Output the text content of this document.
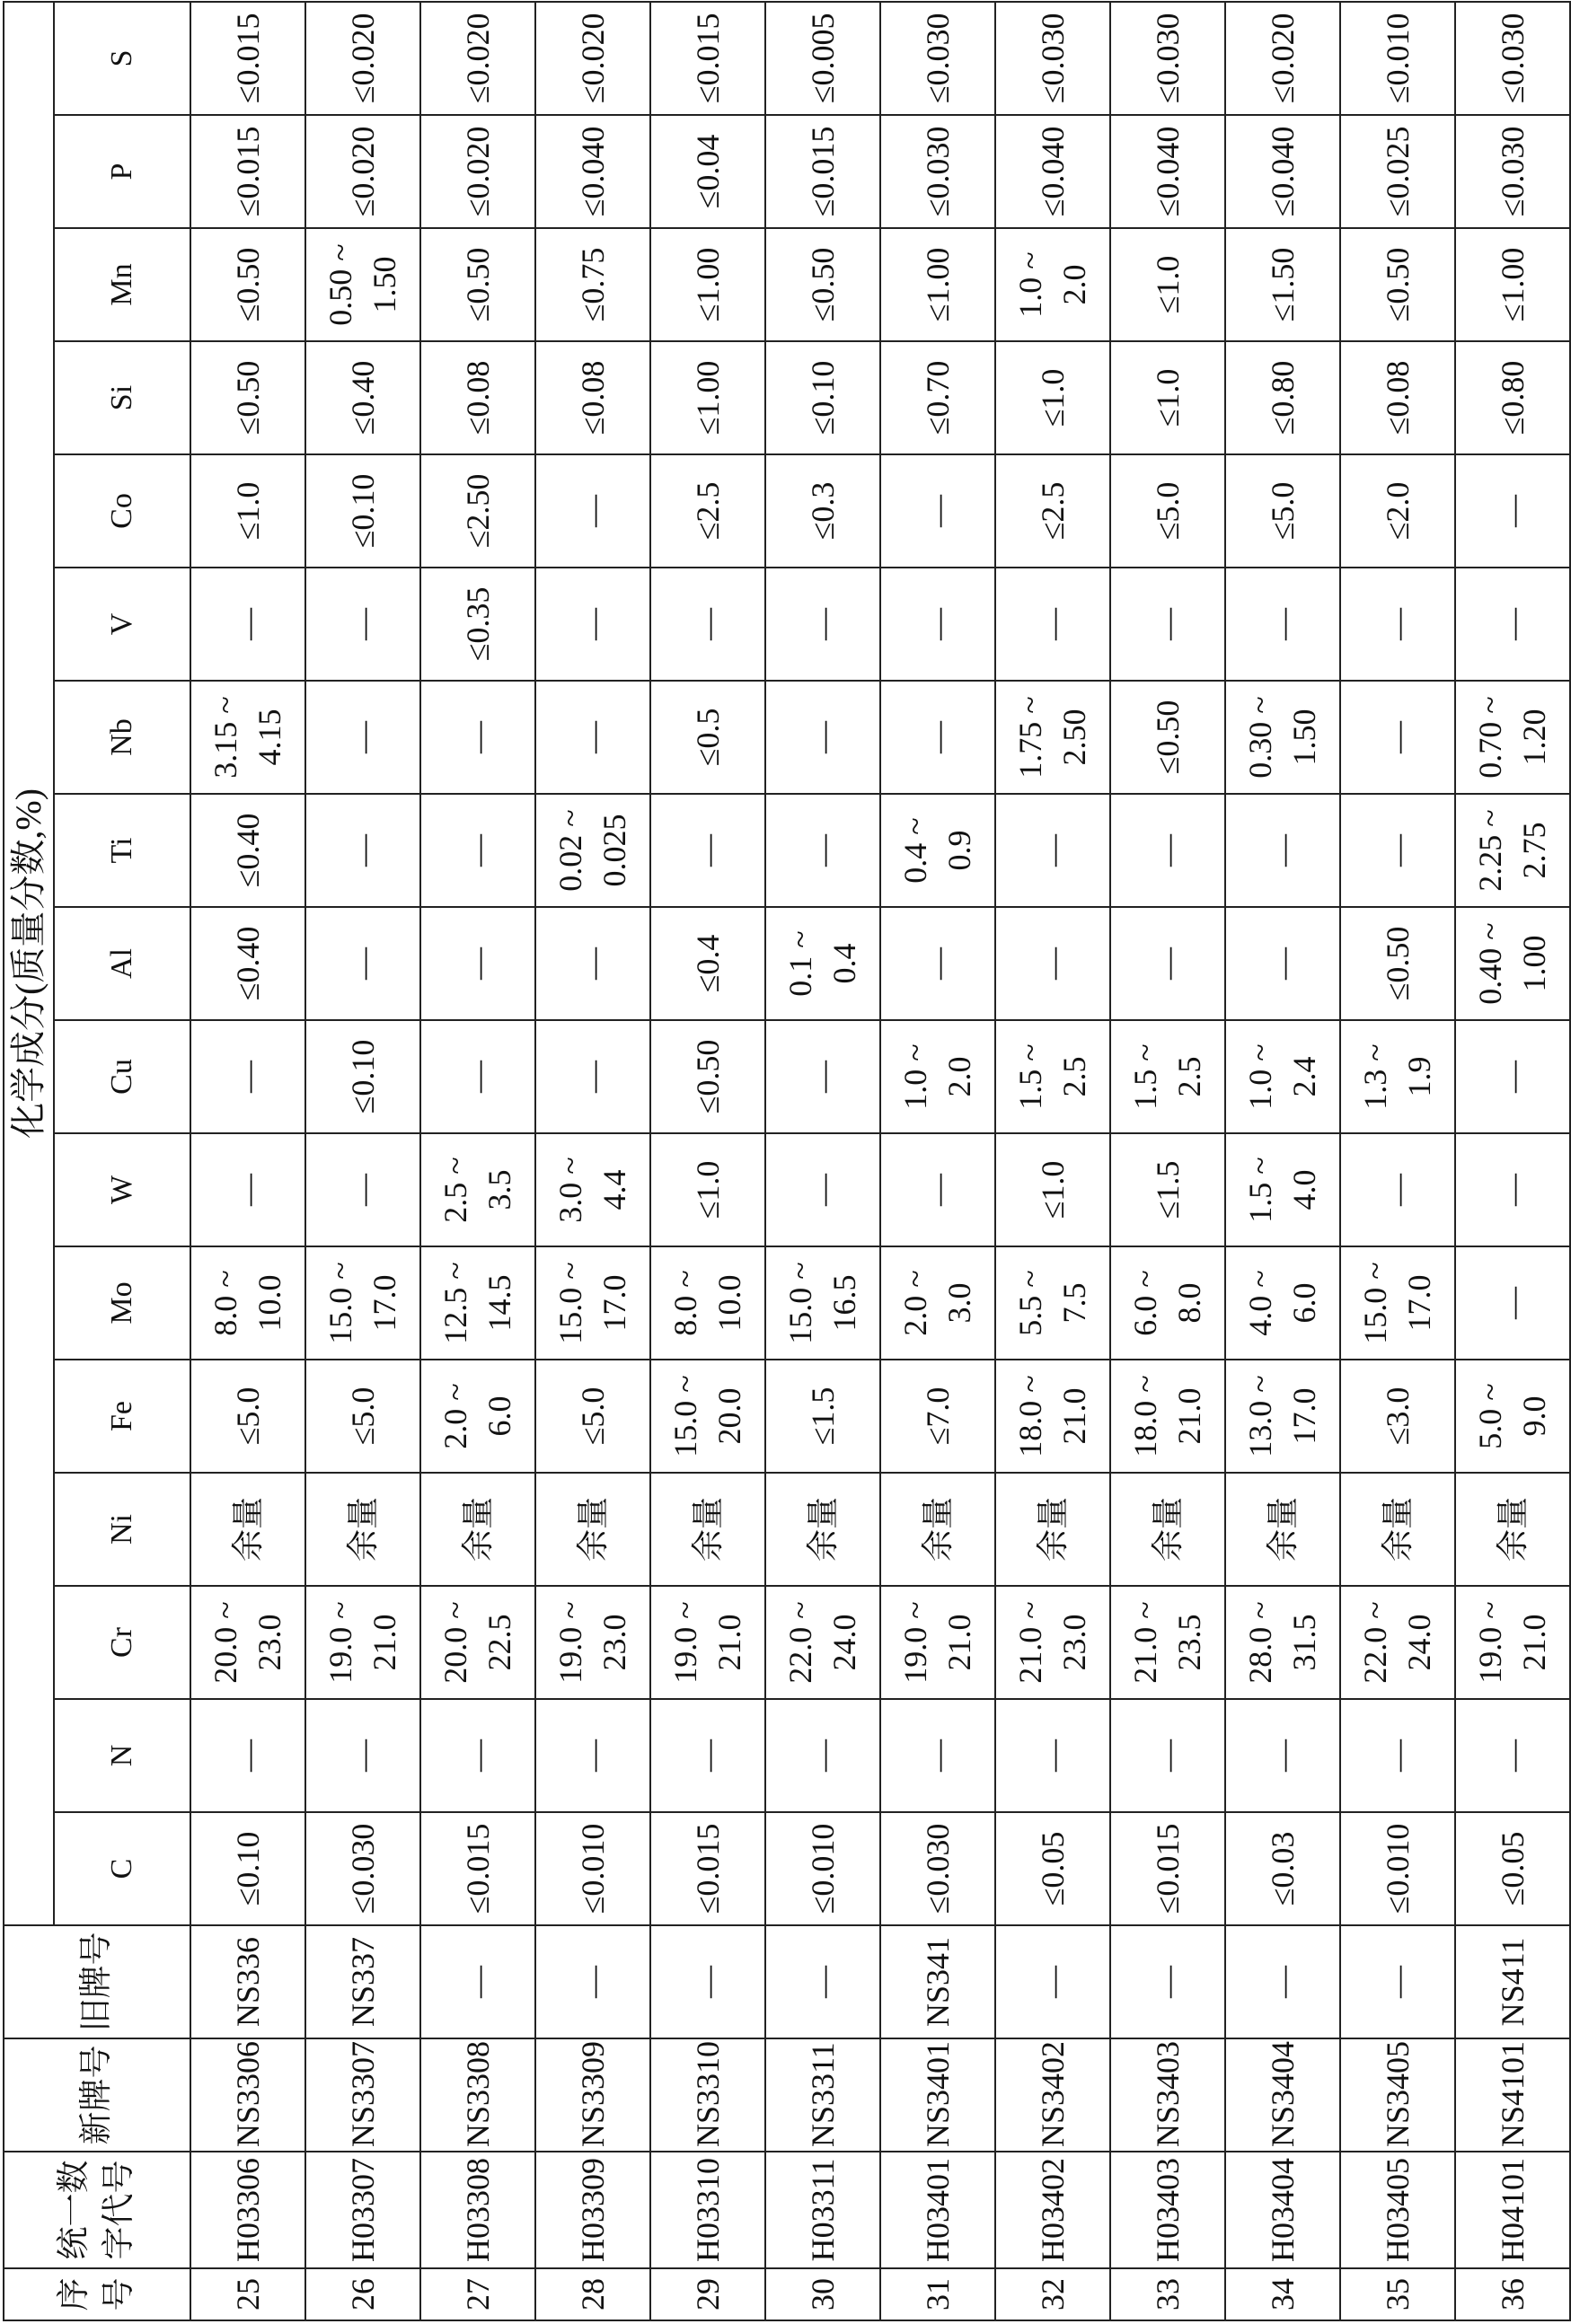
序 号	统一数 字代号	新牌号	旧牌号	化学成分(质量分数,%)																
				C	N	Cr	Ni	Fe	Mo	W	Cu	Al	Ti	Nb	V	Co	Si	Mn	P	S
25	H03306	NS3306	NS336	≤0.10	—	20.0 ~ 23.0	余量	≤5.0	8.0 ~ 10.0	—	—	≤0.40	≤0.40	3.15 ~ 4.15	—	≤1.0	≤0.50	≤0.50	≤0.015	≤0.015

26	H03307	NS3307	NS337	≤0.030	—	19.0 ~ 21.0	余量	≤5.0	15.0 ~ 17.0	—	≤0.10	—	—	—	—	≤0.10	≤0.40	0.50 ~ 1.50	≤0.020	≤0.020

27	H03308	NS3308	—	≤0.015	—	20.0 ~ 22.5	余量	2.0 ~ 6.0	12.5 ~ 14.5	2.5 ~ 3.5	—	—	—	—	≤0.35	≤2.50	≤0.08	≤0.50	≤0.020	≤0.020

28	H03309	NS3309	—	≤0.010	—	19.0 ~ 23.0	余量	≤5.0	15.0 ~ 17.0	3.0 ~ 4.4	—	—	0.02 ~ 0.025	—	—	—	≤0.08	≤0.75	≤0.040	≤0.020

29	H03310	NS3310	—	≤0.015	—	19.0 ~ 21.0	余量	15.0 ~ 20.0	8.0 ~ 10.0	≤1.0	≤0.50	≤0.4	—	≤0.5	—	≤2.5	≤1.00	≤1.00	≤0.04	≤0.015

30	H03311	NS3311	—	≤0.010	—	22.0 ~ 24.0	余量	≤1.5	15.0 ~ 16.5	—	—	0.1 ~ 0.4	—	—	—	≤0.3	≤0.10	≤0.50	≤0.015	≤0.005

31	H03401	NS3401	NS341	≤0.030	—	19.0 ~ 21.0	余量	≤7.0	2.0 ~ 3.0	—	1.0 ~ 2.0	—	0.4 ~ 0.9	—	—	—	≤0.70	≤1.00	≤0.030	≤0.030

32	H03402	NS3402	—	≤0.05	—	21.0 ~ 23.0	余量	18.0 ~ 21.0	5.5 ~ 7.5	≤1.0	1.5 ~ 2.5	—	—	1.75 ~ 2.50	—	≤2.5	≤1.0	1.0 ~ 2.0	≤0.040	≤0.030

33	H03403	NS3403	—	≤0.015	—	21.0 ~ 23.5	余量	18.0 ~ 21.0	6.0 ~ 8.0	≤1.5	1.5 ~ 2.5	—	—	≤0.50	—	≤5.0	≤1.0	≤1.0	≤0.040	≤0.030

34	H03404	NS3404	—	≤0.03	—	28.0 ~ 31.5	余量	13.0 ~ 17.0	4.0 ~ 6.0	1.5 ~ 4.0	1.0 ~ 2.4	—	—	0.30 ~ 1.50	—	≤5.0	≤0.80	≤1.50	≤0.040	≤0.020

35	H03405	NS3405	—	≤0.010	—	22.0 ~ 24.0	余量	≤3.0	15.0 ~ 17.0	—	1.3 ~ 1.9	≤0.50	—	—	—	≤2.0	≤0.08	≤0.50	≤0.025	≤0.010

36	H04101	NS4101	NS411	≤0.05	—	19.0 ~ 21.0	余量	5.0 ~ 9.0	—	—	—	0.40 ~ 1.00	2.25 ~ 2.75	0.70 ~ 1.20	—	—	≤0.80	≤1.00	≤0.030	≤0.030
